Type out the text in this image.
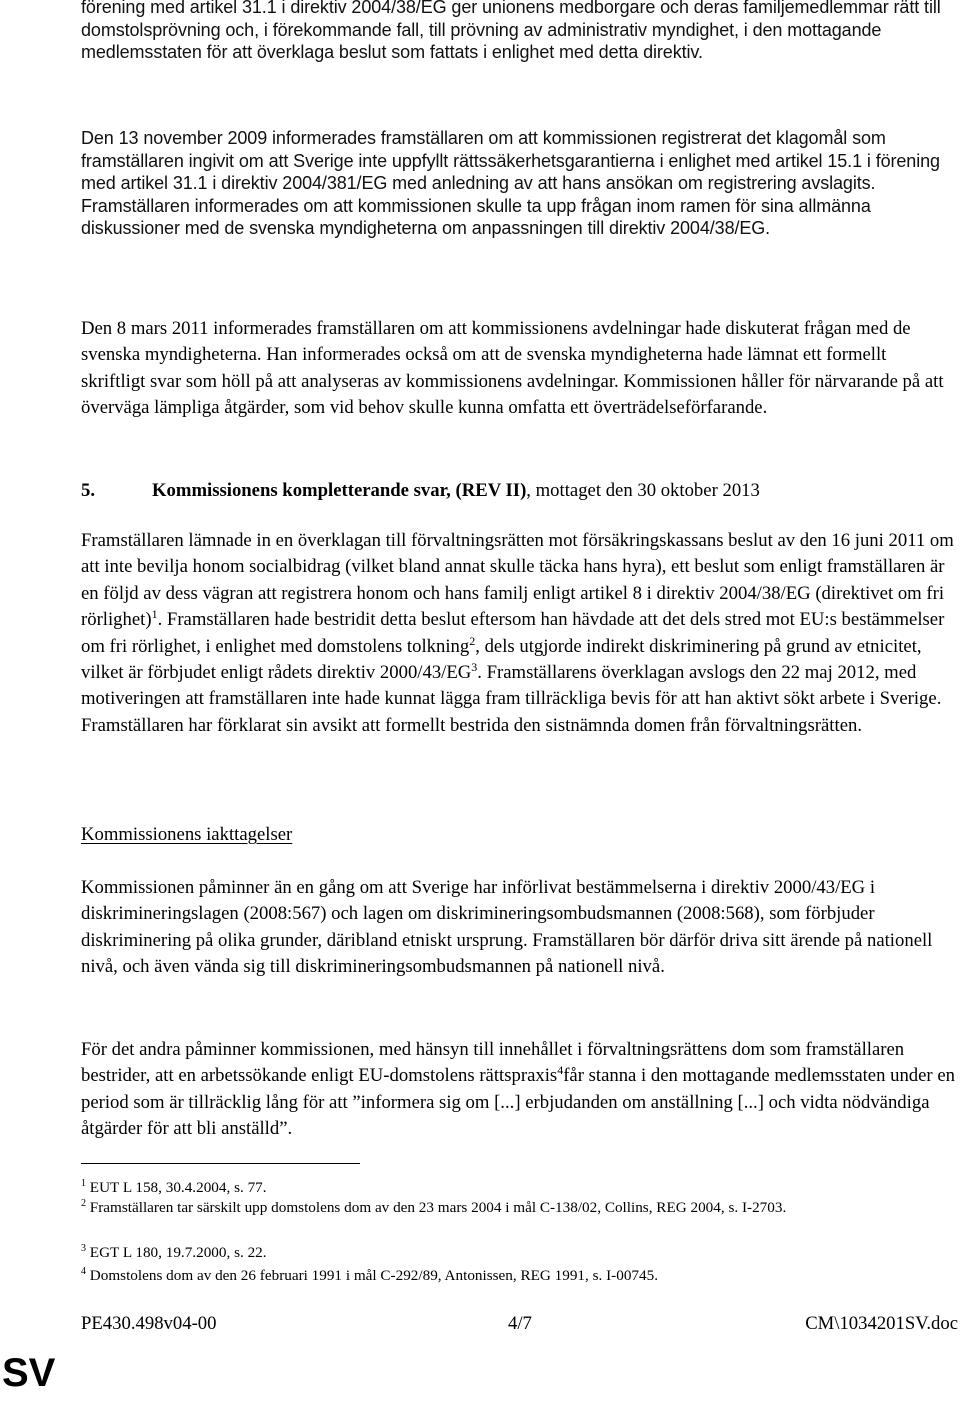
förening med artikel 31.1 i direktiv 2004/38/EG ger unionens medborgare och deras familjemedlemmar rätt till domstolsprövning och, i förekommande fall, till prövning av administrativ myndighet, i den mottagande medlemsstaten för att överklaga beslut som fattats i enlighet med detta direktiv.

Den 13 november 2009 informerades framställaren om att kommissionen registrerat det klagomål som framställaren ingivit om att Sverige inte uppfyllt rättssäkerhetsgarantierna i enlighet med artikel 15.1 i förening med artikel 31.1 i direktiv 2004/381/EG med anledning av att hans ansökan om registrering avslagits. Framställaren informerades om att kommissionen skulle ta upp frågan inom ramen för sina allmänna diskussioner med de svenska myndigheterna om anpassningen till direktiv 2004/38/EG.

Den 8 mars 2011 informerades framställaren om att kommissionens avdelningar hade diskuterat frågan med de svenska myndigheterna. Han informerades också om att de svenska myndigheterna hade lämnat ett formellt skriftligt svar som höll på att analyseras av kommissionens avdelningar. Kommissionen håller för närvarande på att överväga lämpliga åtgärder, som vid behov skulle kunna omfatta ett överträdelseförfarande.

5.	Kommissionens kompletterande svar, (REV II), mottaget den 30 oktober 2013

Framställaren lämnade in en överklagan till förvaltningsrätten mot försäkringskassans beslut av den 16 juni 2011 om att inte bevilja honom socialbidrag (vilket bland annat skulle täcka hans hyra), ett beslut som enligt framställaren är en följd av dess vägran att registrera honom och hans familj enligt artikel 8 i direktiv 2004/38/EG (direktivet om fri rörlighet)$^1$. Framställaren hade bestridit detta beslut eftersom han hävdade att det dels stred mot EU:s bestämmelser om fri rörlighet, i enlighet med domstolens tolkning$^2$, dels utgjorde indirekt diskriminering på grund av etnicitet, vilket är förbjudet enligt rådets direktiv $2000/43/EG^3$. Framställarens överklagan avslogs den 22 maj 2012, med motiveringen att framställaren inte hade kunnat lägga fram tillräckliga bevis för att han aktivt sökt arbete i Sverige. Framställaren har förklarat sin avsikt att formellt bestrida den sistnämnda domen från förvaltningsrätten.

Kommissionens iakttagelser

Kommissionen påminner än en gång om att Sverige har införlivat bestämmelserna i direktiv 2000/43/EG i diskrimineringslagen (2008:567) och lagen om diskrimineringsombudsmannen (2008:568), som förbjuder diskriminering på olika grunder, däribland etniskt ursprung. Framställaren bör därför driva sitt ärende på nationell nivå, och även vända sig till diskrimineringsombudsmannen på nationell nivå.

För det andra påminner kommissionen, med hänsyn till innehållet i förvaltningsrättens dom som framställaren bestrider, att en arbetssökande enligt EU-domstolens rättspraxis$^4$får stanna i den mottagande medlemsstaten under en period som är tillräcklig lång för att ”informera sig om [...] erbjudanden om anställning [...] och vidta nödvändiga åtgärder för att bli anställd”.

$^1$ EUT L 158, 30.4.2004, s. 77.

$^2$ Framställaren tar särskilt upp domstolens dom av den 23 mars 2004 i mål C-138/02, Collins, REG 2004, s. I-2703.

$^3$ EGT L 180, 19.7.2000, s. 22.

$^4$ Domstolens dom av den 26 februari 1991 i mål C-292/89, Antonissen, REG 1991, s. I-00745.

PE430.498v04-00	4/7	CM\1034201SV.doc
SV
